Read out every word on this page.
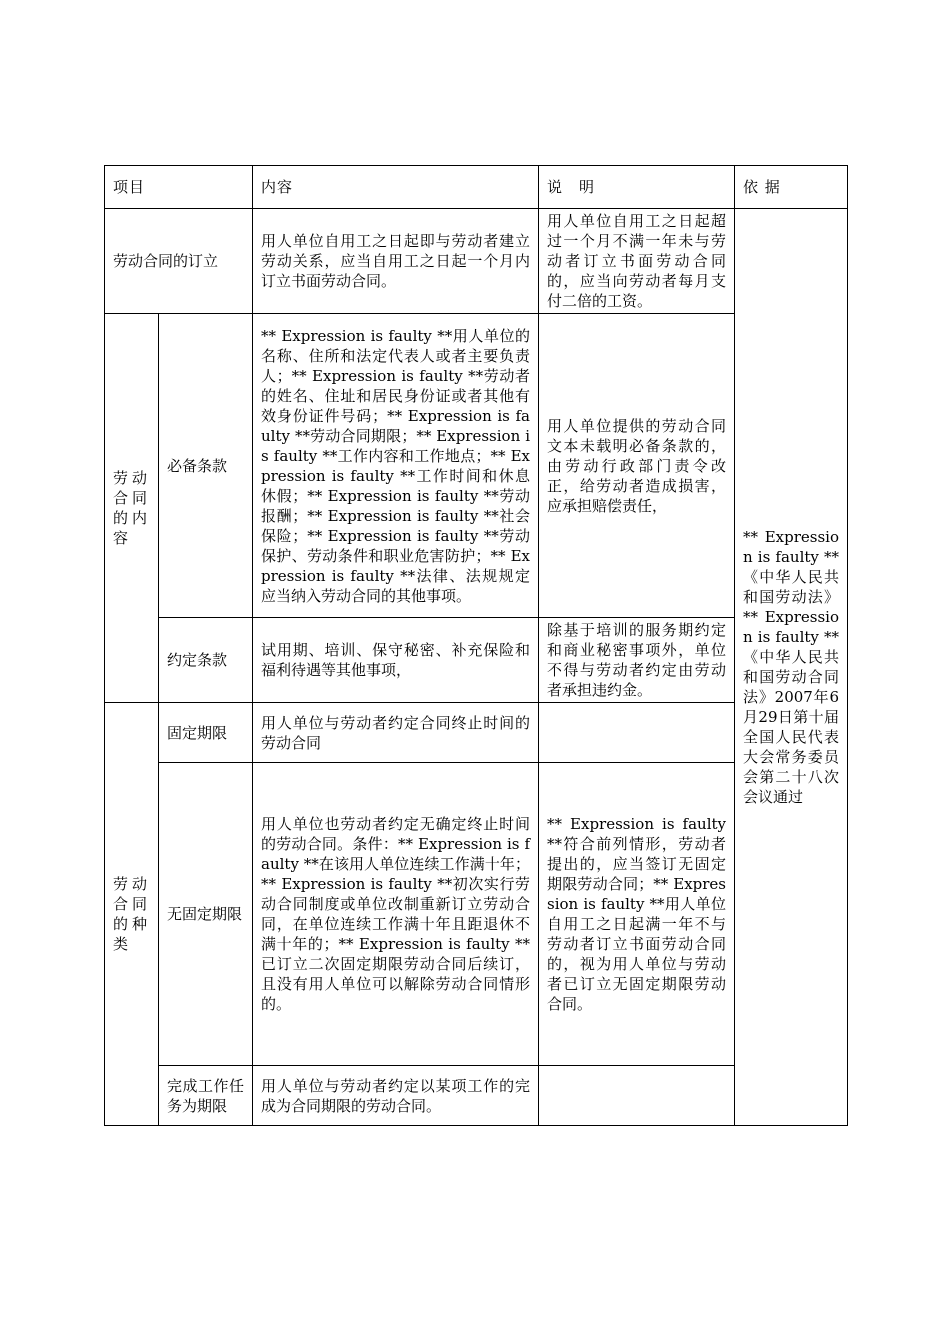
项目		内容	说　明	依 据
劳动合同的订立		用人单位自用工之日起即与劳动者建立劳动关系，应当自用工之日起一个月内订立书面劳动合同。	用人单位自用工之日起超过一个月不满一年未与劳动者订立书面劳动合同的，应当向劳动者每月支付二倍的工资。	** Expression is faulty **《中华人民共和国劳动法》** Expression is faulty **《中华人民共和国劳动合同法》2007年6月29日第十届全国人民代表大会常务委员会第二十八次会议通过
劳动合同的内容	必备条款	** Expression is faulty **用人单位的名称、住所和法定代表人或者主要负责人；** Expression is faulty **劳动者的姓名、住址和居民身份证或者其他有效身份证件号码；** Expression is faulty **劳动合同期限；** Expression is faulty **工作内容和工作地点；** Expression is faulty **工作时间和休息休假；** Expression is faulty **劳动报酬；** Expression is faulty **社会保险；** Expression is faulty **劳动保护、劳动条件和职业危害防护；** Expression is faulty **法律、法规规定应当纳入劳动合同的其他事项。	用人单位提供的劳动合同文本未载明必备条款的，由劳动行政部门责令改正，给劳动者造成损害，应承担赔偿责任，	
	约定条款	试用期、培训、保守秘密、补充保险和福利待遇等其他事项，	除基于培训的服务期约定和商业秘密事项外，单位不得与劳动者约定由劳动者承担违约金。	
劳动合同的种类	固定期限	用人单位与劳动者约定合同终止时间的劳动合同		
	无固定期限	用人单位也劳动者约定无确定终止时间的劳动合同。条件：** Expression is faulty **在该用人单位连续工作满十年；** Expression is faulty **初次实行劳动合同制度或单位改制重新订立劳动合同，在单位连续工作满十年且距退休不满十年的；** Expression is faulty **已订立二次固定期限劳动合同后续订，且没有用人单位可以解除劳动合同情形的。	** Expression is faulty **符合前列情形，劳动者提出的，应当签订无固定期限劳动合同；** Expression is faulty **用人单位自用工之日起满一年不与劳动者订立书面劳动合同的，视为用人单位与劳动者已订立无固定期限劳动合同。	
	完成工作任务为期限	用人单位与劳动者约定以某项工作的完成为合同期限的劳动合同。		
